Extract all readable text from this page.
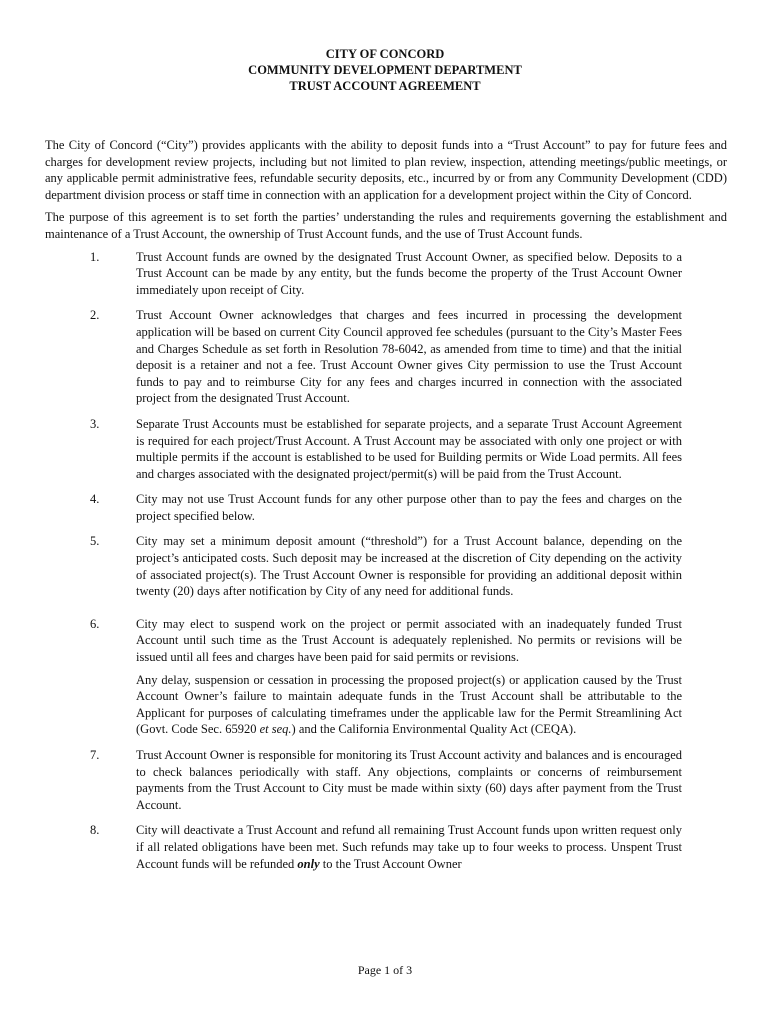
CITY OF CONCORD
COMMUNITY DEVELOPMENT DEPARTMENT
TRUST ACCOUNT AGREEMENT

The City of Concord (“City”) provides applicants with the ability to deposit funds into a “Trust Account” to pay for future fees and charges for development review projects, including but not limited to plan review, inspection, attending meetings/public meetings, or any applicable permit administrative fees, refundable security deposits, etc., incurred by or from any Community Development (CDD) department division process or staff time in connection with an application for a development project within the City of Concord.

The purpose of this agreement is to set forth the parties’ understanding the rules and requirements governing the establishment and maintenance of a Trust Account, the ownership of Trust Account funds, and the use of Trust Account funds.

1.	Trust Account funds are owned by the designated Trust Account Owner, as specified below. Deposits to a Trust Account can be made by any entity, but the funds become the property of the Trust Account Owner immediately upon receipt of City.

2.	Trust Account Owner acknowledges that charges and fees incurred in processing the development application will be based on current City Council approved fee schedules (pursuant to the City’s Master Fees and Charges Schedule as set forth in Resolution 78-6042, as amended from time to time) and that the initial deposit is a retainer and not a fee. Trust Account Owner gives City permission to use the Trust Account funds to pay and to reimburse City for any fees and charges incurred in connection with the associated project from the designated Trust Account.

3.	Separate Trust Accounts must be established for separate projects, and a separate Trust Account Agreement is required for each project/Trust Account. A Trust Account may be associated with only one project or with multiple permits if the account is established to be used for Building permits or Wide Load permits. All fees and charges associated with the designated project/permit(s) will be paid from the Trust Account.

4.	City may not use Trust Account funds for any other purpose other than to pay the fees and charges on the project specified below.

5.	City may set a minimum deposit amount (“threshold”) for a Trust Account balance, depending on the project’s anticipated costs. Such deposit may be increased at the discretion of City depending on the activity of associated project(s). The Trust Account Owner is responsible for providing an additional deposit within twenty (20) days after notification by City of any need for additional funds.

6.	City may elect to suspend work on the project or permit associated with an inadequately funded Trust Account until such time as the Trust Account is adequately replenished. No permits or revisions will be issued until all fees and charges have been paid for said permits or revisions.

Any delay, suspension or cessation in processing the proposed project(s) or application caused by the Trust Account Owner’s failure to maintain adequate funds in the Trust Account shall be attributable to the Applicant for purposes of calculating timeframes under the applicable law for the Permit Streamlining Act (Govt. Code Sec. 65920 et seq.) and the California Environmental Quality Act (CEQA).

7.	Trust Account Owner is responsible for monitoring its Trust Account activity and balances and is encouraged to check balances periodically with staff. Any objections, complaints or concerns of reimbursement payments from the Trust Account to City must be made within sixty (60) days after payment from the Trust Account.

8.	City will deactivate a Trust Account and refund all remaining Trust Account funds upon written request only if all related obligations have been met. Such refunds may take up to four weeks to process. Unspent Trust Account funds will be refunded only to the Trust Account Owner

Page 1 of 3
